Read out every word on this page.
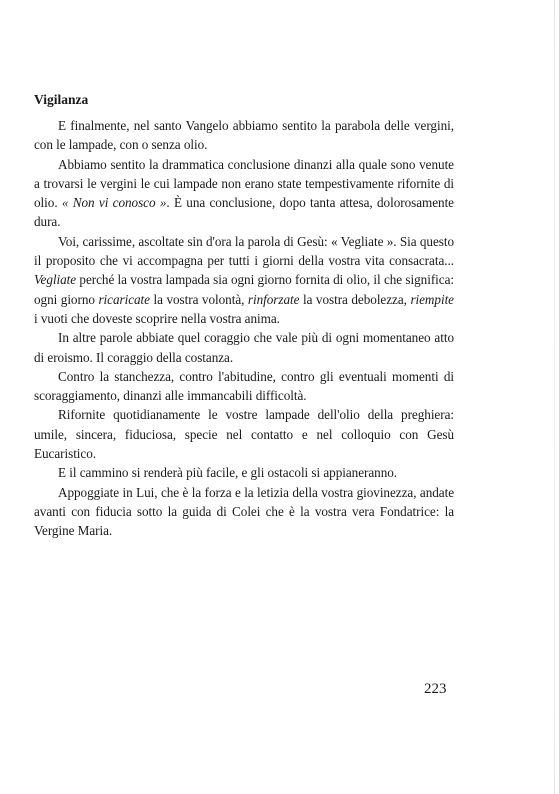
Vigilanza

E finalmente, nel santo Vangelo abbiamo sentito la parabola delle vergini, con le lampade, con o senza olio.

Abbiamo sentito la drammatica conclusione dinanzi alla quale sono venute a trovarsi le vergini le cui lampade non erano state tempestivamente rifornite di olio. « Non vi conosco ». È una conclusione, dopo tanta attesa, dolorosamente dura.

Voi, carissime, ascoltate sin d'ora la parola di Gesù: « Vegliate ». Sia questo il proposito che vi accompagna per tutti i giorni della vostra vita consacrata... Vegliate perché la vostra lampada sia ogni giorno fornita di olio, il che significa: ogni giorno ricaricate la vostra volontà, rinforzate la vostra debolezza, riempite i vuoti che doveste scoprire nella vostra anima.

In altre parole abbiate quel coraggio che vale più di ogni momentaneo atto di eroismo. Il coraggio della costanza.

Contro la stanchezza, contro l'abitudine, contro gli eventuali momenti di scoraggiamento, dinanzi alle immancabili difficoltà.

Rifornite quotidianamente le vostre lampade dell'olio della preghiera: umile, sincera, fiduciosa, specie nel contatto e nel colloquio con Gesù Eucaristico.

E il cammino si renderà più facile, e gli ostacoli si appianeranno.

Appoggiate in Lui, che è la forza e la letizia della vostra giovinezza, andate avanti con fiducia sotto la guida di Colei che è la vostra vera Fondatrice: la Vergine Maria.

223
